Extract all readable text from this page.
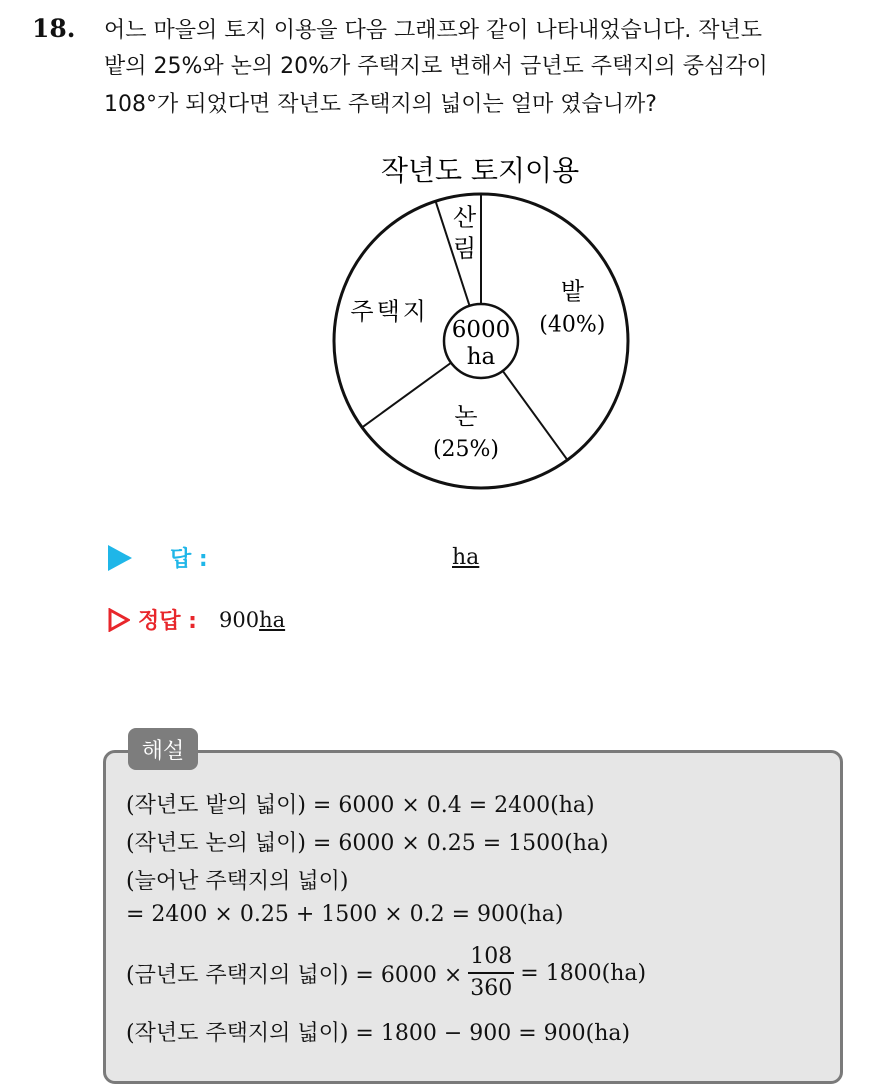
18. 어느 마을의 토지 이용을 다음 그래프와 같이 나타내었습니다. 작년도
밭의 25%와 논의 20%가 주택지로 변해서 금년도 주택지의 중심각이
108°가 되었다면 작년도 주택지의 넓이는 얼마 였습니까?
작년도 토지이용
6000
ha
밭
(40%)
논
(25%)
주택지
산
림
답 :	ha
정답 : 900 ha
해설
(작년도 밭의 넓이) = 6000 × 0.4 = 2400(ha)
(작년도 논의 넓이) = 6000 × 0.25 = 1500(ha)
(늘어난 주택지의 넓이)
= 2400 × 0.25 + 1500 × 0.2 = 900(ha)
(금년도 주택지의 넓이) = $6000 \times \frac{108}{360} = 1800(ha)$
(작년도 주택지의 넓이) = 1800 − 900 = 900(ha)
